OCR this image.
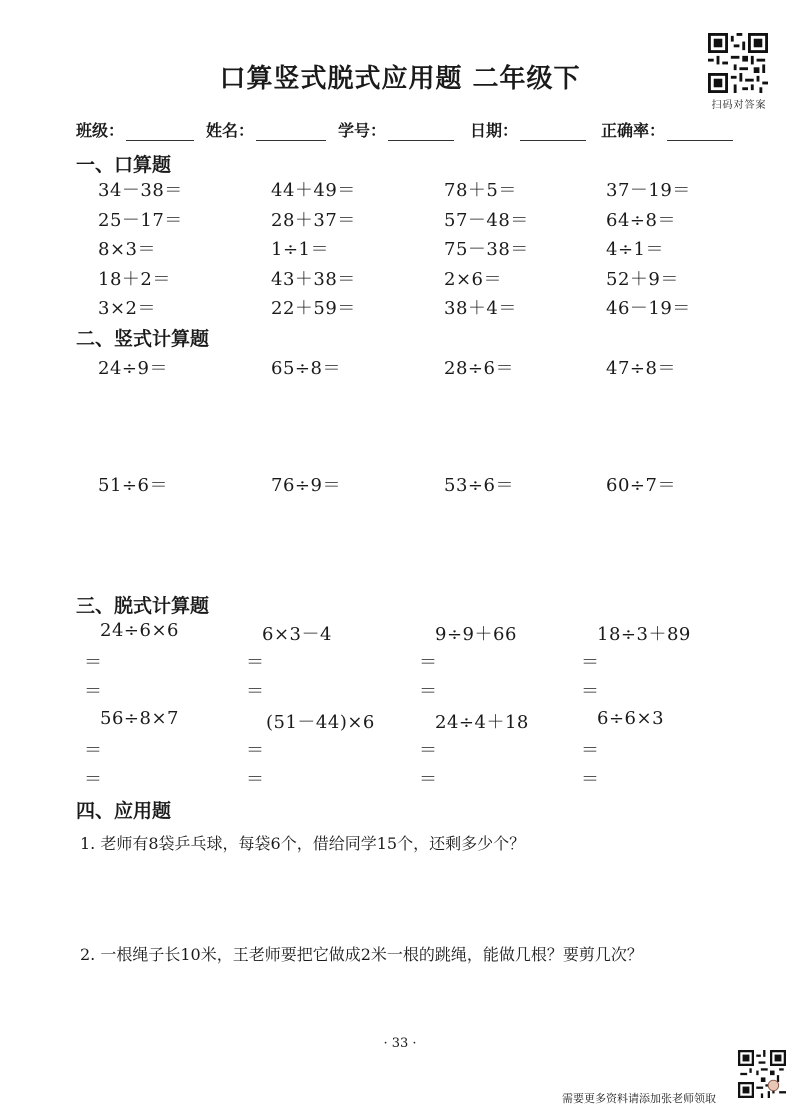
口算竖式脱式应用题 二年级下
扫码对答案
班级：	姓名：	学号：	日期：	正确率：
一、口算题
34－38＝	44＋49＝	78＋5＝	37－19＝
25－17＝	28＋37＝	57－48＝	64÷8＝
8×3＝	1÷1＝	75－38＝	4÷1＝
18＋2＝	43＋38＝	2×6＝	52＋9＝
3×2＝	22＋59＝	38＋4＝	46－19＝
二、竖式计算题
24÷9＝	65÷8＝	28÷6＝	47÷8＝
51÷6＝	76÷9＝	53÷6＝	60÷7＝
三、脱式计算题
24÷6×6	6×3－4	9÷9＋66	18÷3＋89
＝	＝	＝	＝
＝	＝	＝	＝
56÷8×7	(51－44)×6	24÷4＋18	6÷6×3
＝	＝	＝	＝
＝	＝	＝	＝
四、应用题
1. 老师有8袋乒乓球，每袋6个，借给同学15个，还剩多少个？
2. 一根绳子长10米，王老师要把它做成2米一根的跳绳，能做几根？要剪几次？
· 33 ·
需要更多资料请添加张老师领取
